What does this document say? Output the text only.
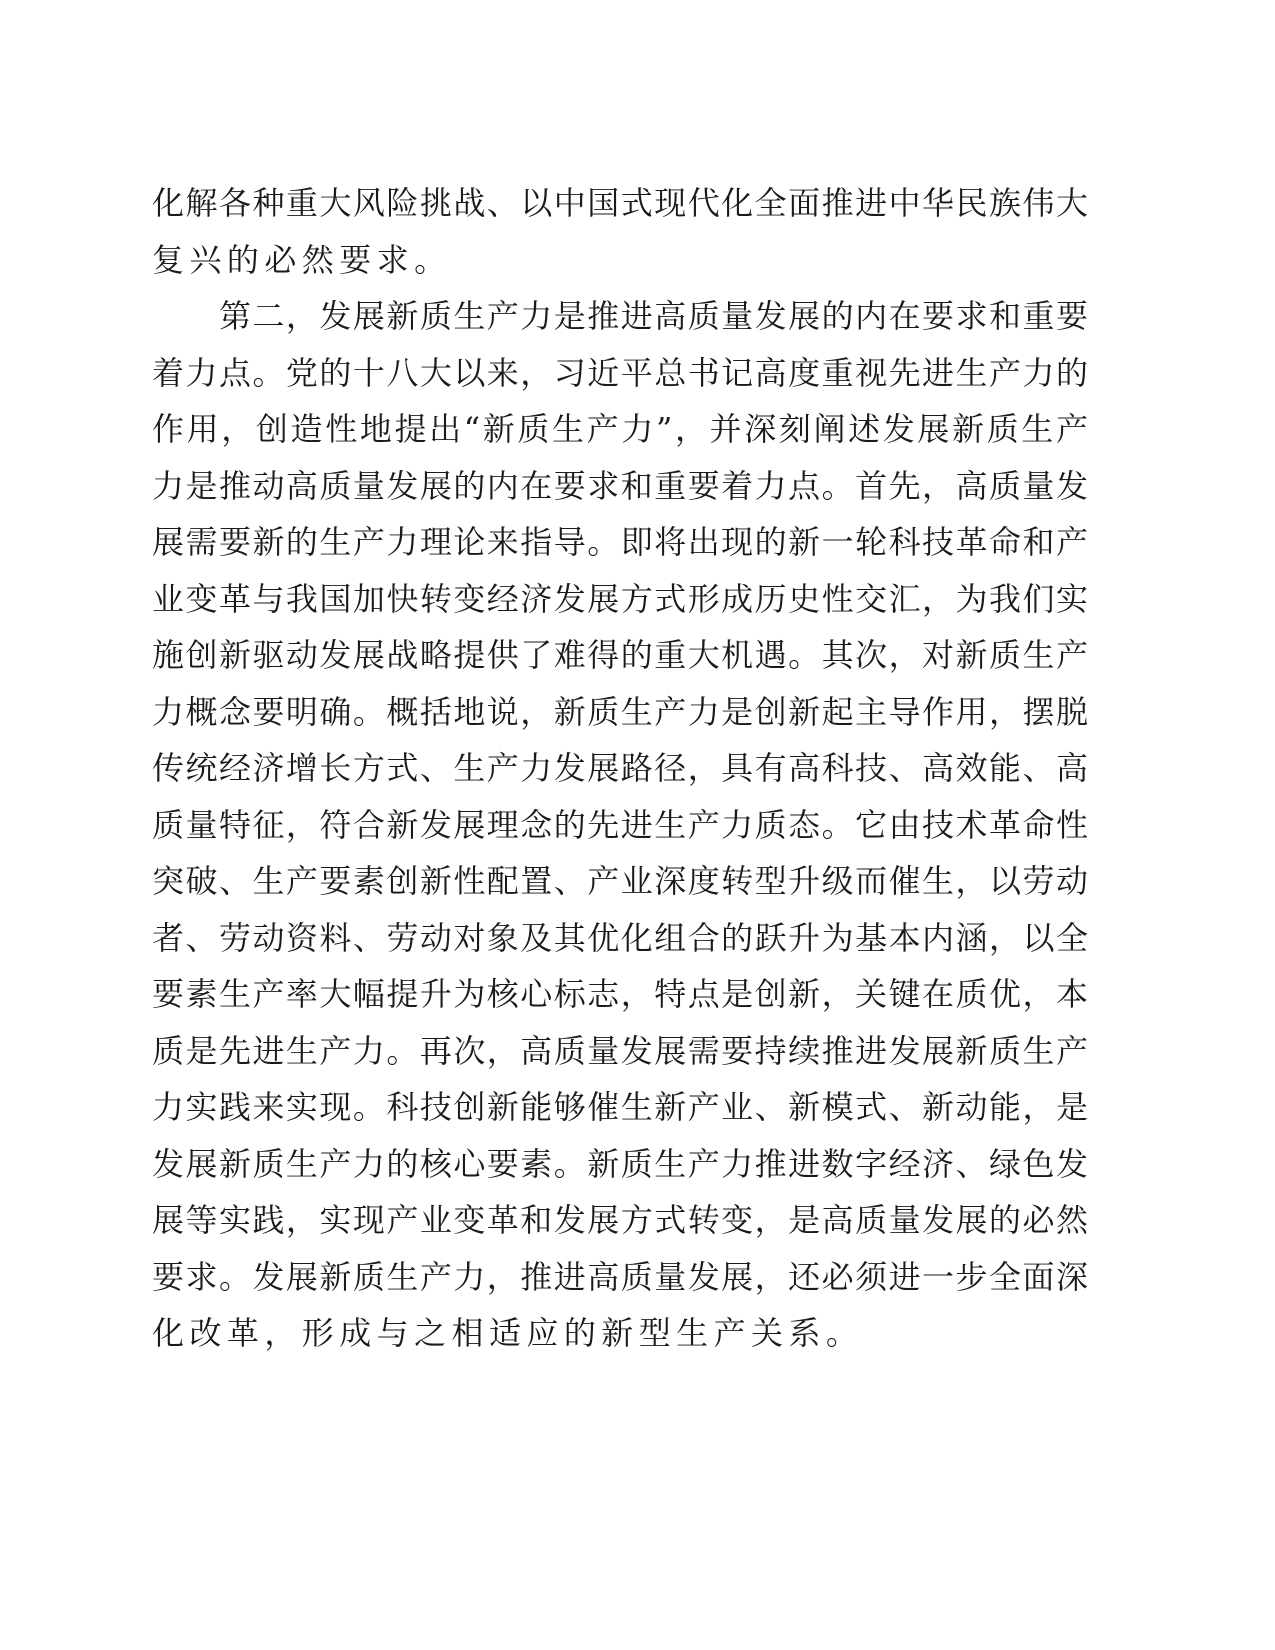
化解各种重大风险挑战、以中国式现代化全面推进中华民族伟大
复兴的必然要求。
　　第二，发展新质生产力是推进高质量发展的内在要求和重要
着力点。党的十八大以来，习近平总书记高度重视先进生产力的
作用，创造性地提出“新质生产力”，并深刻阐述发展新质生产
力是推动高质量发展的内在要求和重要着力点。首先，高质量发
展需要新的生产力理论来指导。即将出现的新一轮科技革命和产
业变革与我国加快转变经济发展方式形成历史性交汇，为我们实
施创新驱动发展战略提供了难得的重大机遇。其次，对新质生产
力概念要明确。概括地说，新质生产力是创新起主导作用，摆脱
传统经济增长方式、生产力发展路径，具有高科技、高效能、高
质量特征，符合新发展理念的先进生产力质态。它由技术革命性
突破、生产要素创新性配置、产业深度转型升级而催生，以劳动
者、劳动资料、劳动对象及其优化组合的跃升为基本内涵，以全
要素生产率大幅提升为核心标志，特点是创新，关键在质优，本
质是先进生产力。再次，高质量发展需要持续推进发展新质生产
力实践来实现。科技创新能够催生新产业、新模式、新动能，是
发展新质生产力的核心要素。新质生产力推进数字经济、绿色发
展等实践，实现产业变革和发展方式转变，是高质量发展的必然
要求。发展新质生产力，推进高质量发展，还必须进一步全面深
化改革，形成与之相适应的新型生产关系。
